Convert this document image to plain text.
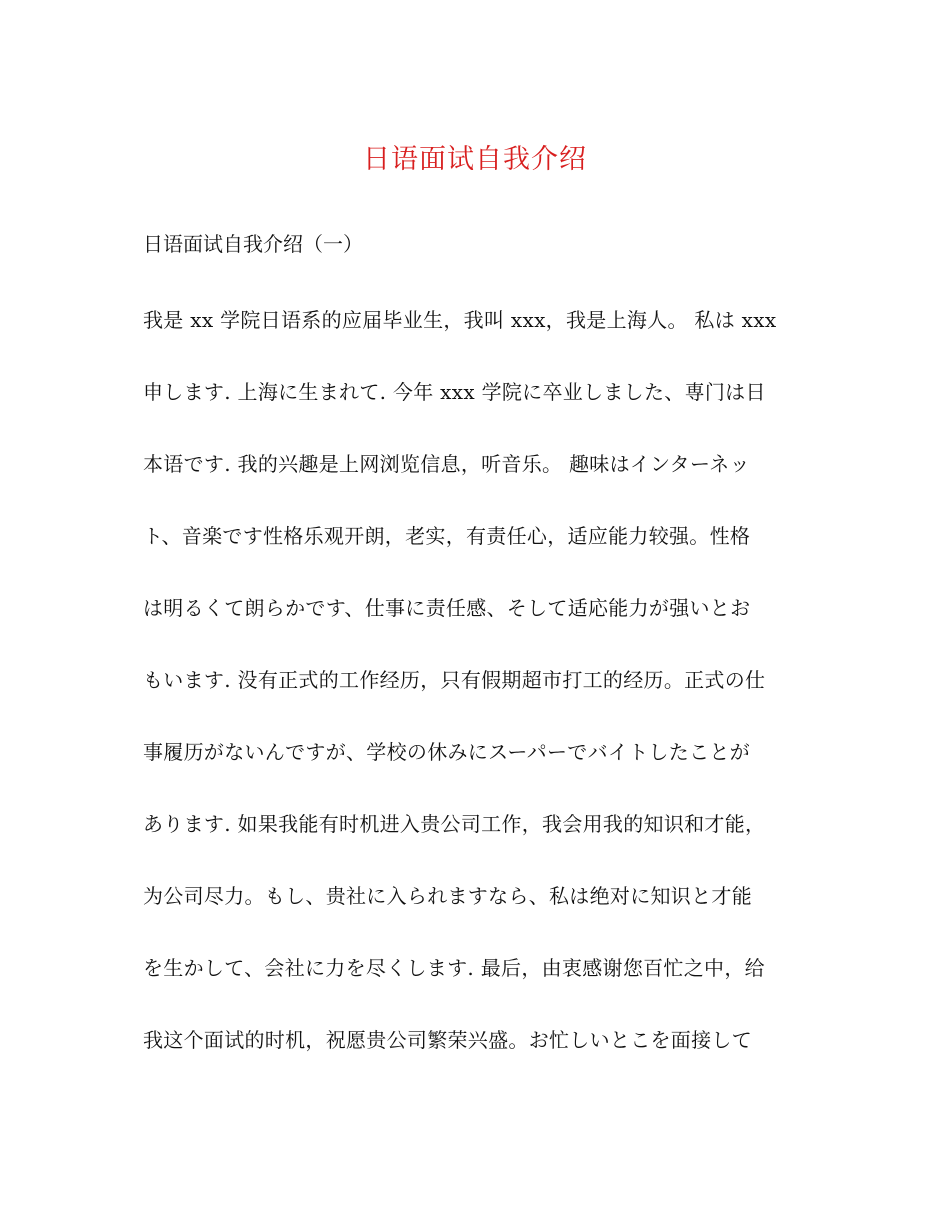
日语面试自我介绍
日语面试自我介绍（一）
我是 xx 学院日语系的应届毕业生，我叫 xxx，我是上海人。 私は xxx
申します. 上海に生まれて. 今年 xxx 学院に卒业しました、専门は日
本语です. 我的兴趣是上网浏览信息，听音乐。 趣味はインターネッ
ト、音楽です性格乐观开朗，老实，有责任心，适应能力较强。性格
は明るくて朗らかです、仕事に责任感、そして适応能力が强いとお
もいます. 没有正式的工作经历，只有假期超市打工的经历。正式の仕
事履历がないんですが、学校の休みにスーパーでバイトしたことが
あります. 如果我能有时机进入贵公司工作，我会用我的知识和才能，
为公司尽力。もし、贵社に入られますなら、私は绝对に知识と才能
を生かして、会社に力を尽くします. 最后，由衷感谢您百忙之中，给
我这个面试的时机，祝愿贵公司繁荣兴盛。お忙しいとこを面接して
